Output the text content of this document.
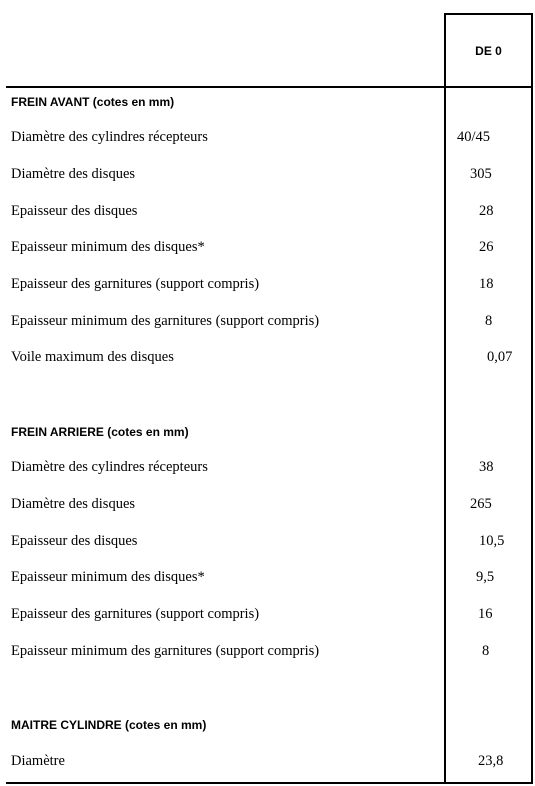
DE 0
FREIN AVANT (cotes en mm)
Diamètre des cylindres récepteurs	40/45
Diamètre des disques	305
Epaisseur des disques	28
Epaisseur minimum des disques*	26
Epaisseur des garnitures (support compris)	18
Epaisseur minimum des garnitures (support compris)	8
Voile maximum des disques	0,07
FREIN ARRIERE (cotes en mm)
Diamètre des cylindres récepteurs	38
Diamètre des disques	265
Epaisseur des disques	10,5
Epaisseur minimum des disques*	9,5
Epaisseur des garnitures (support compris)	16
Epaisseur minimum des garnitures (support compris)	8
MAITRE CYLINDRE (cotes en mm)
Diamètre	23,8
